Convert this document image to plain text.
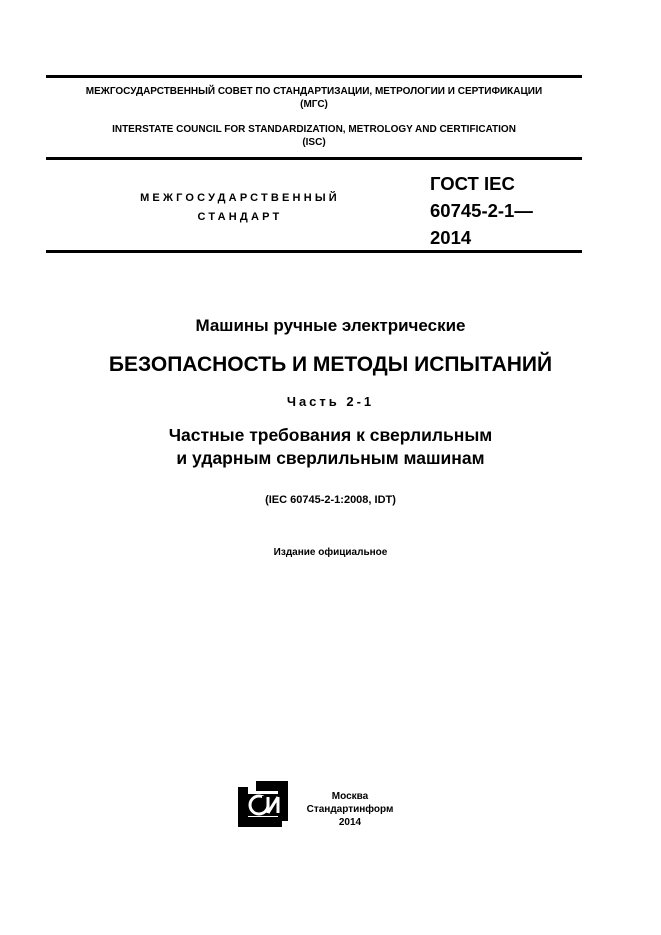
МЕЖГОСУДАРСТВЕННЫЙ СОВЕТ ПО СТАНДАРТИЗАЦИИ, МЕТРОЛОГИИ И СЕРТИФИКАЦИИ
(МГС)
INTERSTATE COUNCIL FOR STANDARDIZATION, METROLOGY AND CERTIFICATION
(ISC)
МЕЖГОСУДАРСТВЕННЫЙ
СТАНДАРТ
ГОСТ IEC
60745-2-1—
2014
Машины ручные электрические
БЕЗОПАСНОСТЬ И МЕТОДЫ ИСПЫТАНИЙ
Часть 2-1
Частные требования к сверлильным
и ударным сверлильным машинам
(IEC 60745-2-1:2008, IDT)
Издание официальное
Москва
Стандартинформ
2014
